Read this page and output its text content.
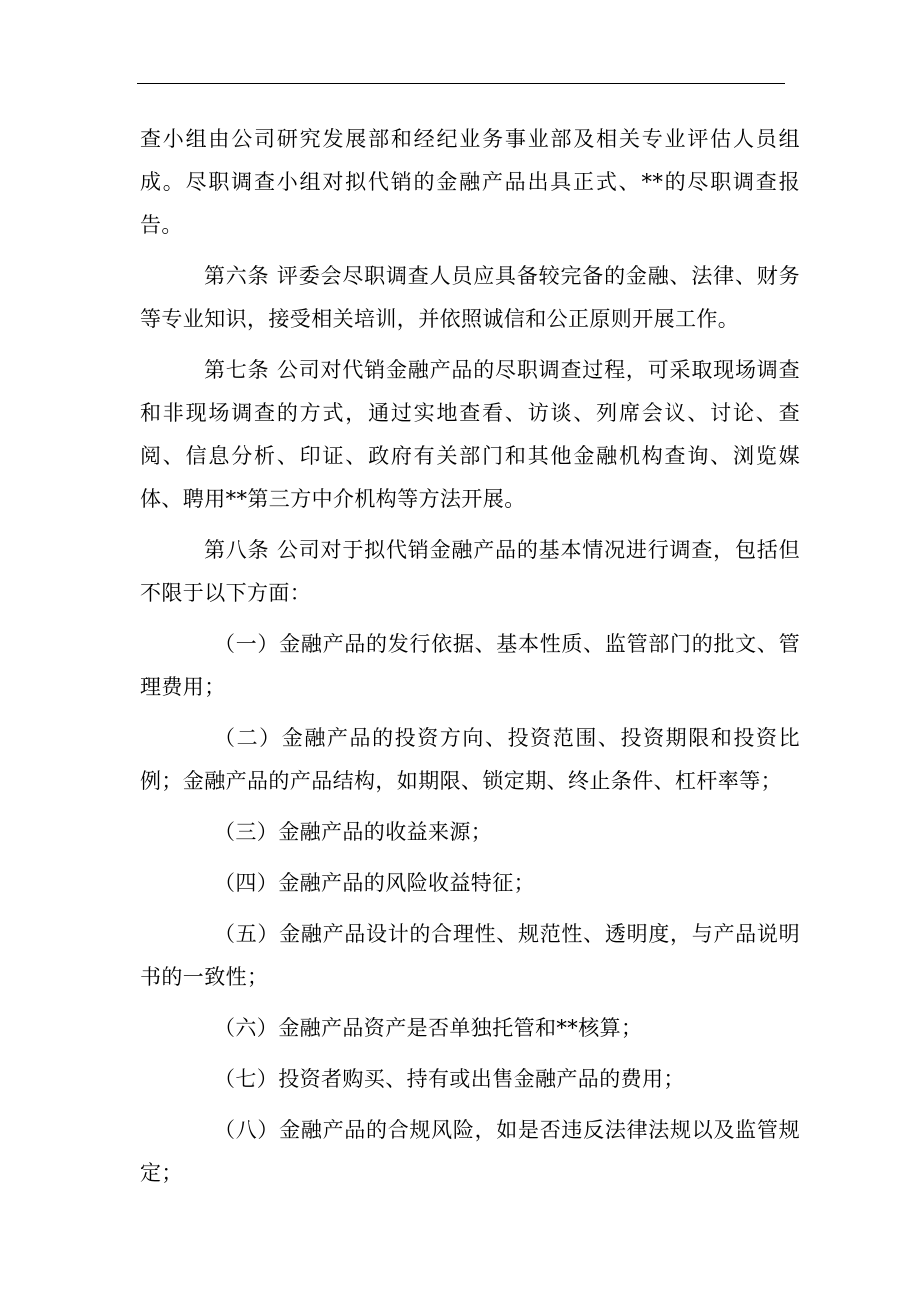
查小组由公司研究发展部和经纪业务事业部及相关专业评估人员组成。尽职调查小组对拟代销的金融产品出具正式、**的尽职调查报告。

第六条 评委会尽职调查人员应具备较完备的金融、法律、财务等专业知识，接受相关培训，并依照诚信和公正原则开展工作。

第七条 公司对代销金融产品的尽职调查过程，可采取现场调查和非现场调查的方式，通过实地查看、访谈、列席会议、讨论、查阅、信息分析、印证、政府有关部门和其他金融机构查询、浏览媒体、聘用**第三方中介机构等方法开展。

第八条 公司对于拟代销金融产品的基本情况进行调查，包括但不限于以下方面：

（一）金融产品的发行依据、基本性质、监管部门的批文、管理费用；

（二）金融产品的投资方向、投资范围、投资期限和投资比例；金融产品的产品结构，如期限、锁定期、终止条件、杠杆率等；

（三）金融产品的收益来源；

（四）金融产品的风险收益特征；

（五）金融产品设计的合理性、规范性、透明度，与产品说明书的一致性；

（六）金融产品资产是否单独托管和**核算；

（七）投资者购买、持有或出售金融产品的费用；

（八）金融产品的合规风险，如是否违反法律法规以及监管规定；
